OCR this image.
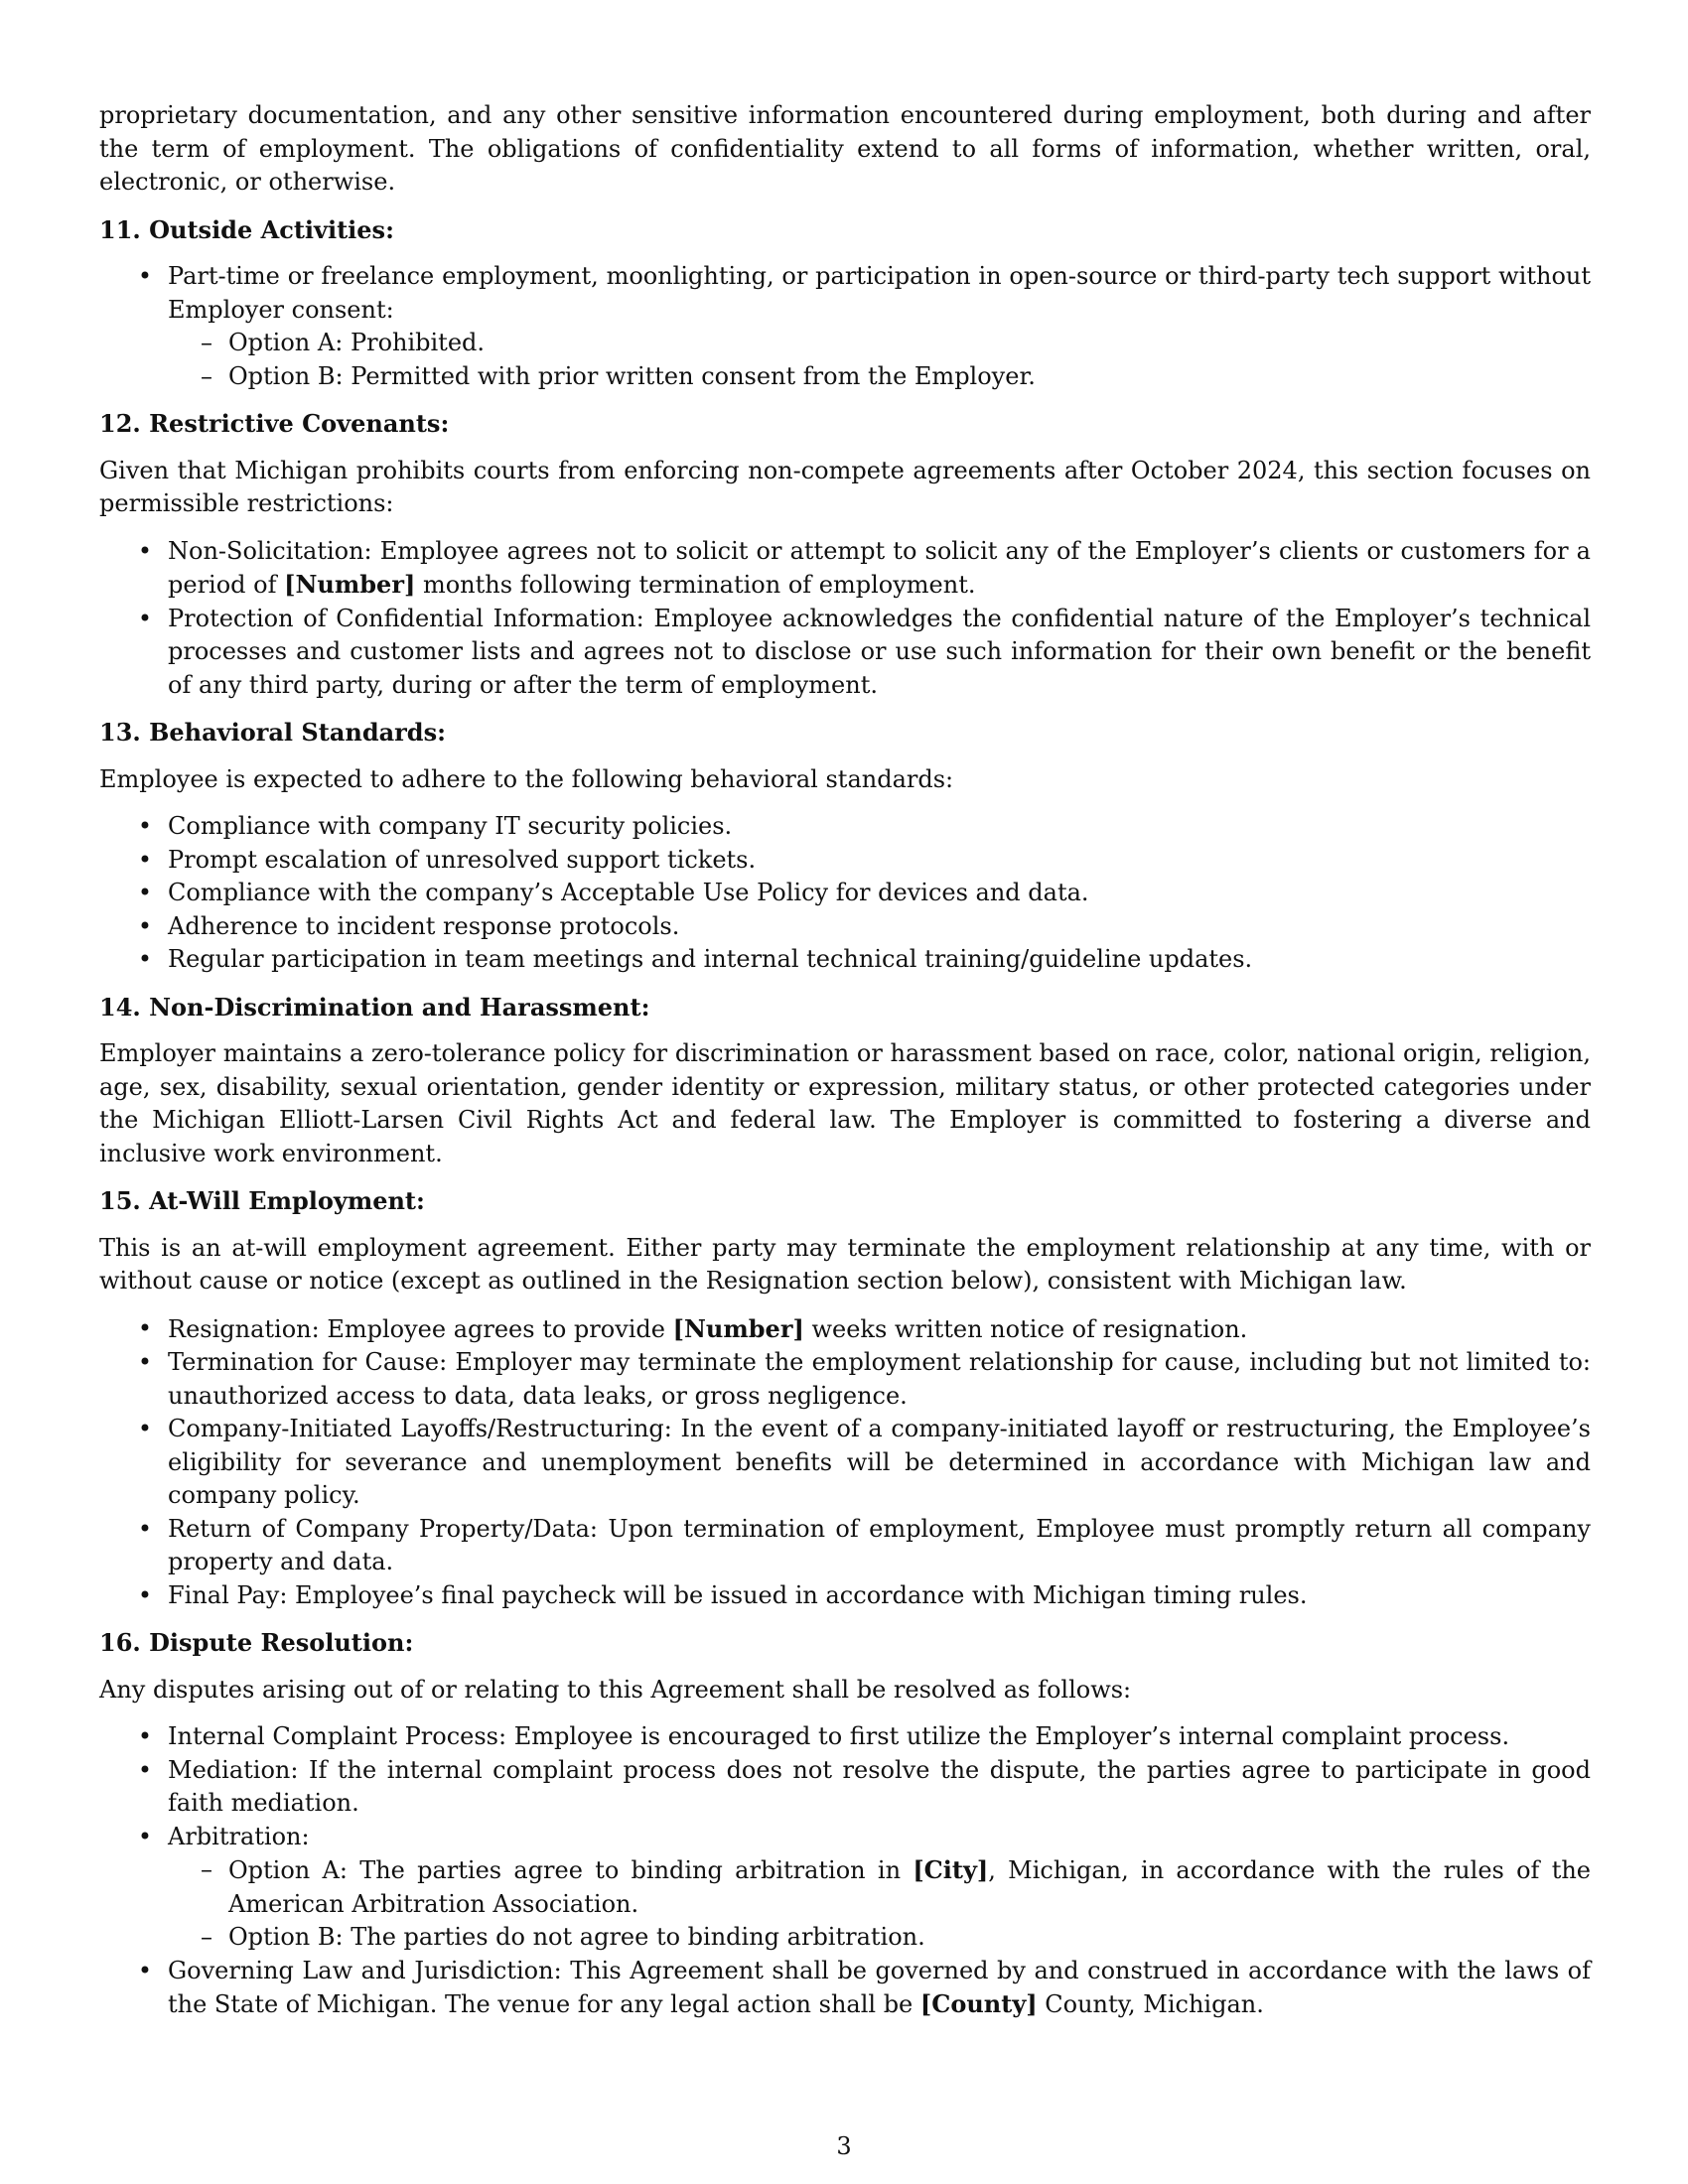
proprietary documentation, and any other sensitive information encountered during employment, both during and after the term of employment. The obligations of confidentiality extend to all forms of information, whether written, oral, electronic, or otherwise.

11. Outside Activities:

• Part-time or freelance employment, moonlighting, or participation in open-source or third-party tech support without Employer consent:
– Option A: Prohibited.
– Option B: Permitted with prior written consent from the Employer.

12. Restrictive Covenants:

Given that Michigan prohibits courts from enforcing non-compete agreements after October 2024, this section focuses on permissible restrictions:

• Non-Solicitation: Employee agrees not to solicit or attempt to solicit any of the Employer’s clients or customers for a period of [Number] months following termination of employment.
• Protection of Confidential Information: Employee acknowledges the confidential nature of the Employer’s technical processes and customer lists and agrees not to disclose or use such information for their own benefit or the benefit of any third party, during or after the term of employment.

13. Behavioral Standards:

Employee is expected to adhere to the following behavioral standards:

• Compliance with company IT security policies.
• Prompt escalation of unresolved support tickets.
• Compliance with the company’s Acceptable Use Policy for devices and data.
• Adherence to incident response protocols.
• Regular participation in team meetings and internal technical training/guideline updates.

14. Non-Discrimination and Harassment:

Employer maintains a zero-tolerance policy for discrimination or harassment based on race, color, national origin, religion, age, sex, disability, sexual orientation, gender identity or expression, military status, or other protected categories under the Michigan Elliott-Larsen Civil Rights Act and federal law. The Employer is committed to fostering a diverse and inclusive work environment.

15. At-Will Employment:

This is an at-will employment agreement. Either party may terminate the employment relationship at any time, with or without cause or notice (except as outlined in the Resignation section below), consistent with Michigan law.

• Resignation: Employee agrees to provide [Number] weeks written notice of resignation.
• Termination for Cause: Employer may terminate the employment relationship for cause, including but not limited to: unauthorized access to data, data leaks, or gross negligence.
• Company-Initiated Layoffs/Restructuring: In the event of a company-initiated layoff or restructuring, the Employee’s eligibility for severance and unemployment benefits will be determined in accordance with Michigan law and company policy.
• Return of Company Property/Data: Upon termination of employment, Employee must promptly return all company property and data.
• Final Pay: Employee’s final paycheck will be issued in accordance with Michigan timing rules.

16. Dispute Resolution:

Any disputes arising out of or relating to this Agreement shall be resolved as follows:

• Internal Complaint Process: Employee is encouraged to first utilize the Employer’s internal complaint process.
• Mediation: If the internal complaint process does not resolve the dispute, the parties agree to participate in good faith mediation.
• Arbitration:
– Option A: The parties agree to binding arbitration in [City], Michigan, in accordance with the rules of the American Arbitration Association.
– Option B: The parties do not agree to binding arbitration.
• Governing Law and Jurisdiction: This Agreement shall be governed by and construed in accordance with the laws of the State of Michigan. The venue for any legal action shall be [County] County, Michigan.
3
